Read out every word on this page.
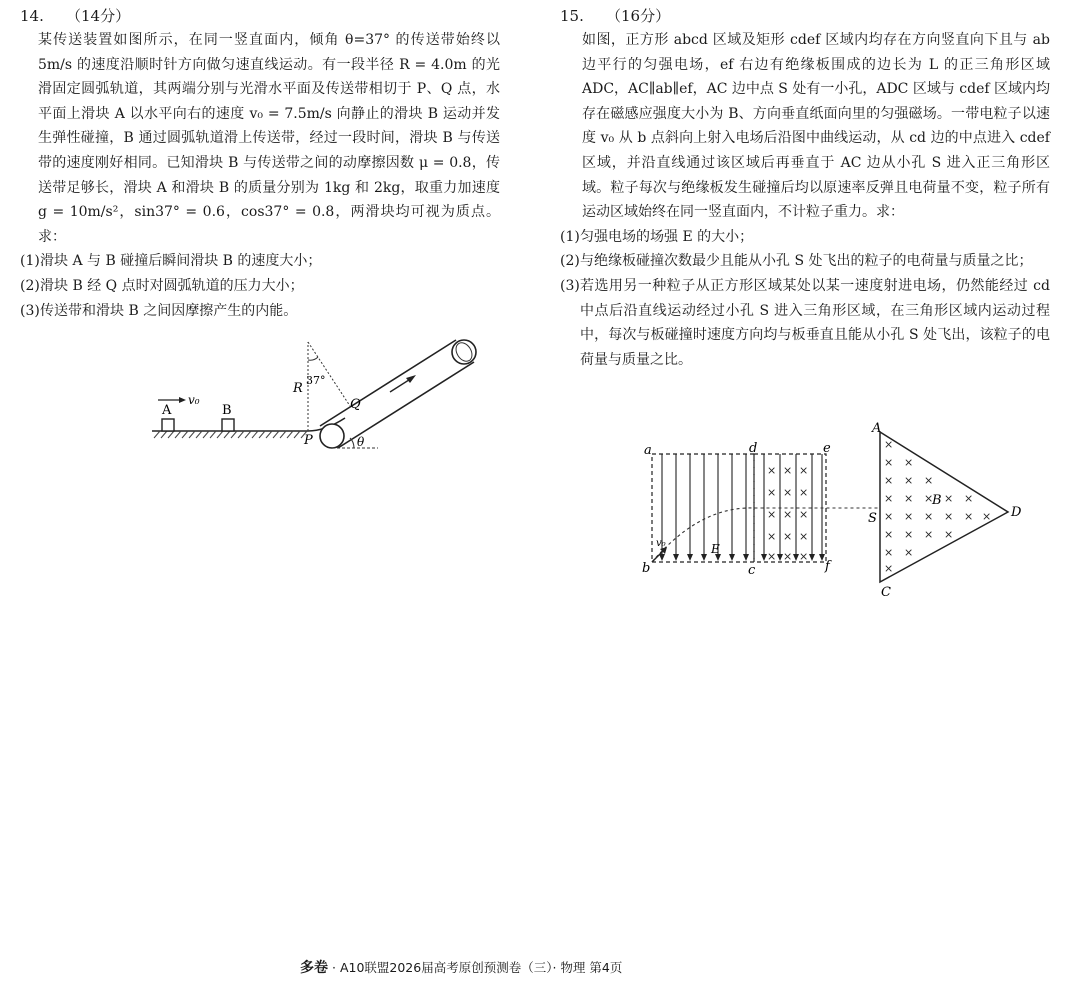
14. （14分）

某传送装置如图所示，在同一竖直面内，倾角 θ=37° 的传送带始终以 5m/s 的速度沿顺时针方向做匀速直线运动。有一段半径 R = 4.0m 的光滑固定圆弧轨道，其两端分别与光滑水平面及传送带相切于 P、Q 点，水平面上滑块 A 以水平向右的速度 v₀ = 7.5m/s 向静止的滑块 B 运动并发生弹性碰撞，B 通过圆弧轨道滑上传送带，经过一段时间，滑块 B 与传送带的速度刚好相同。已知滑块 B 与传送带之间的动摩擦因数 μ = 0.8，传送带足够长，滑块 A 和滑块 B 的质量分别为 1kg 和 2kg，取重力加速度 g = 10m/s²，sin37° = 0.6，cos37° = 0.8，两滑块均可视为质点。求：

(1) 滑块 A 与 B 碰撞后瞬间滑块 B 的速度大小；
(2) 滑块 B 经 Q 点时对圆弧轨道的压力大小；
(3) 传送带和滑块 B 之间因摩擦产生的内能。
A
v₀
B
R
37°
Q
P	θ
15. （16分）

如图，正方形 abcd 区域及矩形 cdef 区域内均存在方向竖直向下且与 ab 边平行的匀强电场，ef 右边有绝缘板围成的边长为 L 的正三角形区域 ADC，AC∥ab∥ef，AC 边中点 S 处有一小孔，ADC 区域与 cdef 区域内均存在磁感应强度大小为 B、方向垂直纸面向里的匀强磁场。一带电粒子以速度 v₀ 从 b 点斜向上射入电场后沿图中曲线运动，从 cd 边的中点进入 cdef 区域，并沿直线通过该区域后再垂直于 AC 边从小孔 S 进入正三角形区域。粒子每次与绝缘板发生碰撞后均以原速率反弹且电荷量不变，粒子所有运动区域始终在同一竖直面内，不计粒子重力。求：

(1) 匀强电场的场强 E 的大小；
(2) 与绝缘板碰撞次数最少且能从小孔 S 处飞出的粒子的电荷量与质量之比；
(3) 若选用另一种粒子从正方形区域某处以某一速度射进电场，仍然能经过 cd 中点后沿直线运动经过小孔 S 进入三角形区域，在三角形区域内运动过程中，每次与板碰撞时速度方向均与板垂直且能从小孔 S 处飞出，该粒子的电荷量与质量之比。
× × ×
× × ×
× × ×
× × ×
× × ×
×
× ×
× × ×
× × × × ×
× × × × × ×
× × × ×
× ×
×
a
b	c
d	e
f
E
v₀
A
B
C
D
S
多卷 · A10联盟2026届高考原创预测卷（三）· 物理 第4页
